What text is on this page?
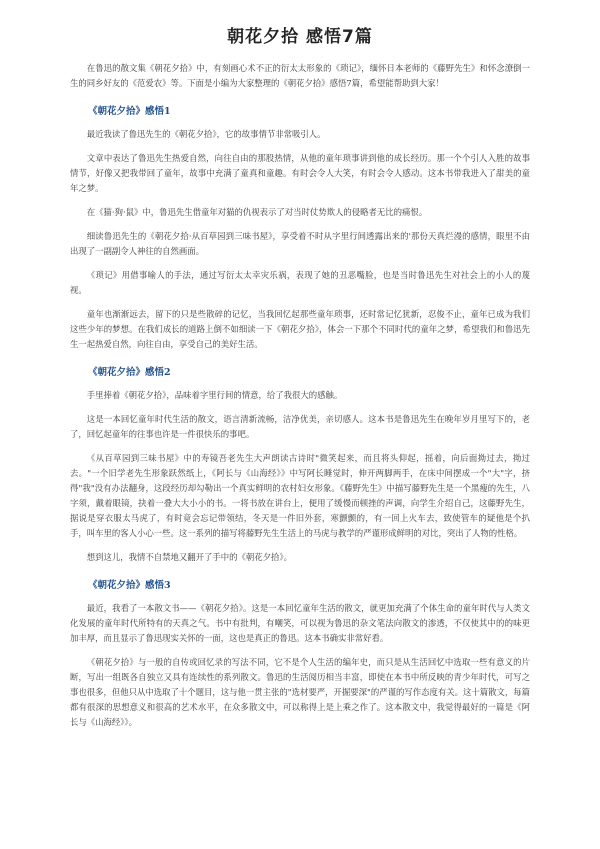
朝花夕拾 感悟7篇

在鲁迅的散文集《朝花夕拾》中，有刻画心术不正的衍太太形象的《琐记》，缅怀日本老师的《藤野先生》和怀念潦倒一生的同乡好友的《范爱农》等。下面是小编为大家整理的《朝花夕拾》感悟7篇，希望能帮助到大家！

《朝花夕拾》感悟1

最近我读了鲁迅先生的《朝花夕拾》，它的故事情节非常吸引人。

文章中表达了鲁迅先生热爱自然，向往自由的那股热情，从他的童年琐事讲到他的成长经历。那一个个引人入胜的故事情节，好像又把我带回了童年，故事中充满了童真和童趣。有时会令人大笑，有时会令人感动。这本书带我进入了甜美的童年之梦。

在《猫·狗·鼠》中，鲁迅先生借童年对猫的仇视表示了对当时仗势欺人的侵略者无比的痛恨。

细读鲁迅先生的《朝花夕拾·从百草园到三味书屋》，享受着不时从字里行间透露出来的'那份天真烂漫的感情，眼里不由出现了一副副令人神往的自然画面。

《琐记》用借事喻人的手法，通过写衍太太幸灾乐祸，表现了她的丑恶嘴脸，也是当时鲁迅先生对社会上的小人的蔑视。

童年也渐渐远去，留下的只是些散碎的记忆，当我回忆起那些童年琐事，还时常记忆犹新，忍俊不止，童年已成为我们这些少年的梦想。在我们成长的道路上倒不如细读一下《朝花夕拾》，体会一下那个不同时代的童年之梦，希望我们和鲁迅先生一起热爱自然，向往自由，享受自己的美好生活。

《朝花夕拾》感悟2

手里捧着《朝花夕拾》，品味着字里行间的情意，给了我很大的感触。

这是一本回忆童年时代生活的散文，语言清新流畅，洁净优美，亲切感人。这本书是鲁迅先生在晚年岁月里写下的，老了，回忆起童年的往事也许是一件很快乐的事吧。

《从百草园到三味书屋》中的寿镜吾老先生大声朗读古诗时"微笑起来，而且将头仰起，摇着，向后面拗过去，拗过去。"一个旧学老先生形象跃然纸上，《阿长与《山海经》》中写阿长睡觉时，伸开两脚两手，在床中间摆成一个"大"字，挤得"我"没有办法翻身，这段经历却勾勒出一个真实鲜明的农村妇女形象。《藤野先生》中描写藤野先生是一个黑瘦的先生，八字须，戴着眼镜，抉着一叠大大小小的书。一将书放在讲台上，便用了缓慢而顿挫的声调，向学生介绍自己，这藤野先生，据说是穿衣服太马虎了，有时竟会忘记带领结，冬天是一件旧外套，寒颤颤的，有一回上火车去，致使管车的疑他是个扒手，叫车里的客人小心一些。这一系列的描写将藤野先生生活上的马虎与教学的严谨形成鲜明的对比，突出了人物的性格。

想到这儿，我情不自禁地又翻开了手中的《朝花夕拾》。

《朝花夕拾》感悟3

最近，我看了一本散文书——《朝花夕拾》。这是一本回忆童年生活的散文，就更加充满了个体生命的童年时代与人类文化发展的童年时代所特有的天真之气。书中有批判，有嘲笑，可以视为鲁迅的杂文笔法向散文的渗透，不仅使其中的的味更加丰厚，而且显示了鲁迅现实关怀的一面，这也是真正的鲁迅。这本书确实非常好看。

《朝花夕拾》与一般的自传或回忆录的写法不同，它不是个人生活的编年史，而只是从生活回忆中选取一些有意义的片断，写出一组既各自独立又具有连续性的系列散文。鲁迅的生活阅历相当丰富，即使在本书中所反映的青少年时代，可写之事也很多，但他只从中选取了十个题目，这与他一贯主张的"选材要严，开掘要深"的严谨的写作态度有关。这十篇散文，每篇都有很深的思想意义和很高的艺术水平，在众多散文中，可以称得上是上乘之作了。这本散文中，我觉得最好的一篇是《阿长与《山海经》》。
